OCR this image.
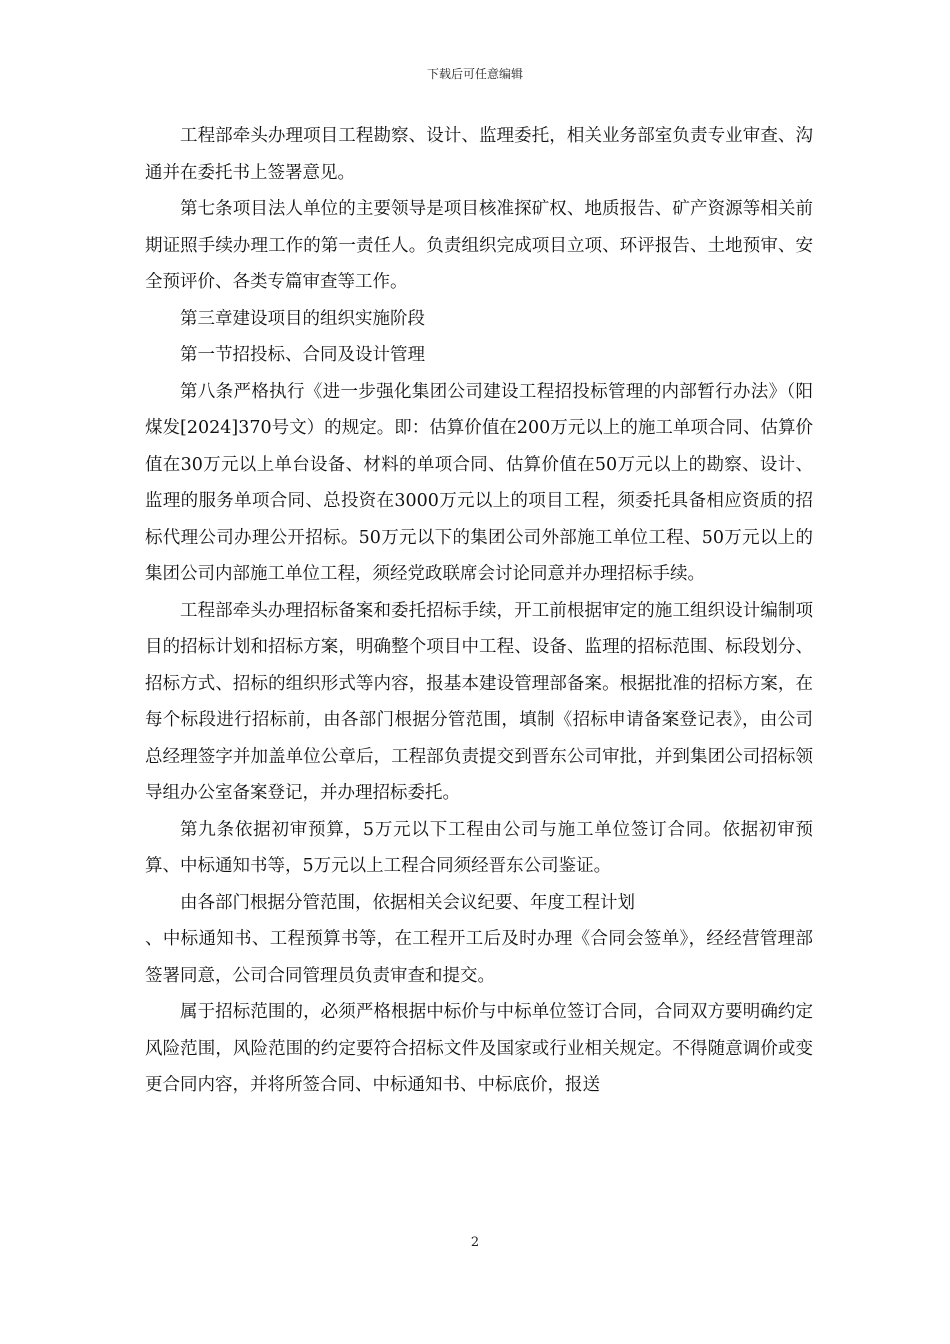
下载后可任意编辑

工程部牵头办理项目工程勘察、设计、监理委托，相关业务部室负责专业审查、沟通并在委托书上签署意见。

第七条项目法人单位的主要领导是项目核准探矿权、地质报告、矿产资源等相关前期证照手续办理工作的第一责任人。负责组织完成项目立项、环评报告、土地预审、安全预评价、各类专篇审查等工作。

第三章建设项目的组织实施阶段

第一节招投标、合同及设计管理

第八条严格执行《进一步强化集团公司建设工程招投标管理的内部暂行办法》（阳煤发[2024]370号文）的规定。即：估算价值在200万元以上的施工单项合同、估算价值在30万元以上单台设备、材料的单项合同、估算价值在50万元以上的勘察、设计、监理的服务单项合同、总投资在3000万元以上的项目工程，须委托具备相应资质的招标代理公司办理公开招标。50万元以下的集团公司外部施工单位工程、50万元以上的集团公司内部施工单位工程，须经党政联席会讨论同意并办理招标手续。

工程部牵头办理招标备案和委托招标手续，开工前根据审定的施工组织设计编制项目的招标计划和招标方案，明确整个项目中工程、设备、监理的招标范围、标段划分、招标方式、招标的组织形式等内容，报基本建设管理部备案。根据批准的招标方案，在每个标段进行招标前，由各部门根据分管范围，填制《招标申请备案登记表》，由公司总经理签字并加盖单位公章后，工程部负责提交到晋东公司审批，并到集团公司招标领导组办公室备案登记，并办理招标委托。

第九条依据初审预算，5万元以下工程由公司与施工单位签订合同。依据初审预算、中标通知书等，5万元以上工程合同须经晋东公司鉴证。

由各部门根据分管范围，依据相关会议纪要、年度工程计划

、中标通知书、工程预算书等，在工程开工后及时办理《合同会签单》，经经营管理部签署同意，公司合同管理员负责审查和提交。

属于招标范围的，必须严格根据中标价与中标单位签订合同，合同双方要明确约定风险范围，风险范围的约定要符合招标文件及国家或行业相关规定。不得随意调价或变更合同内容，并将所签合同、中标通知书、中标底价，报送

2
